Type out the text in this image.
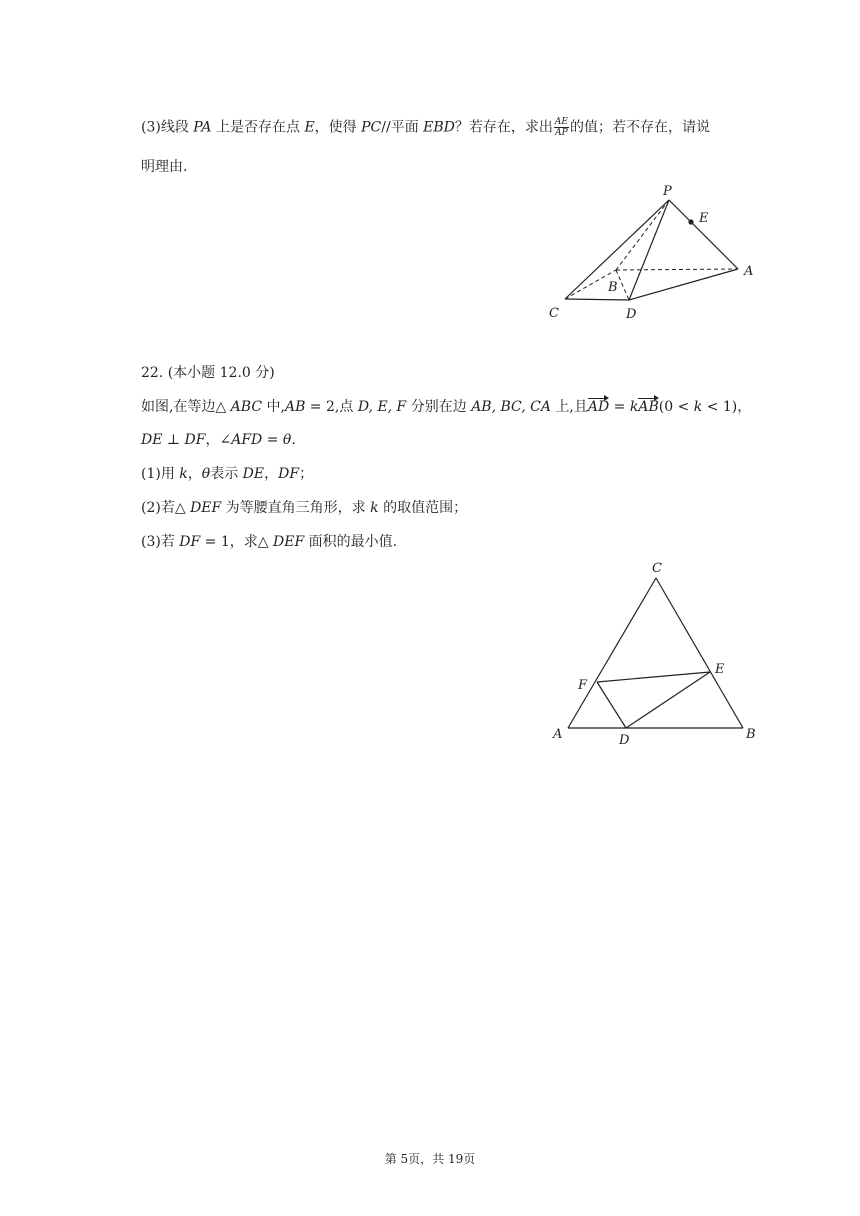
(3)线段 PA 上是否存在点 E，使得 PC//平面 EBD？若存在，求出 $\frac{AE}{AP}$ 的值；若不存在，请说
明理由.
P
E
A
B
C	D
22. (本小题 12.0 分)
如图,在等边△ ABC 中,AB = 2,点 D, E, F 分别在边 AB, BC, CA 上,且AD = kAB(0 < k < 1)，
DE ⊥ DF，∠AFD = θ.
(1)用 k，θ表示 DE，DF；
(2)若△ DEF 为等腰直角三角形，求 k 的取值范围；
(3)若 DF = 1，求△ DEF 面积的最小值.
C
E
F
A	D	B
第 5页，共 19页
